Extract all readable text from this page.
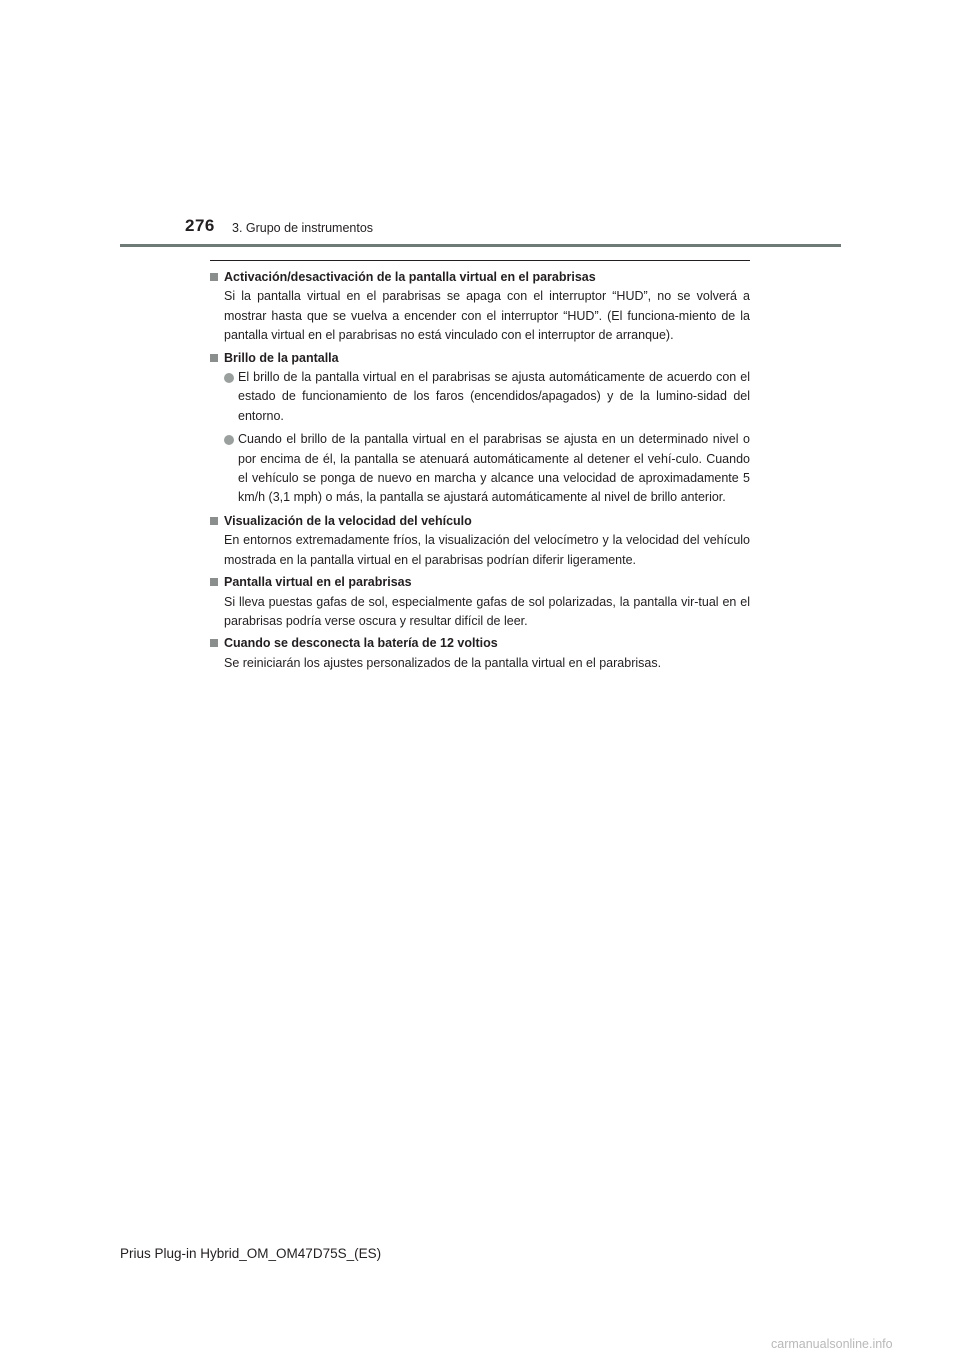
276 3. Grupo de instrumentos
Activación/desactivación de la pantalla virtual en el parabrisas

Si la pantalla virtual en el parabrisas se apaga con el interruptor “HUD”, no se volverá a mostrar hasta que se vuelva a encender con el interruptor “HUD”. (El funciona-miento de la pantalla virtual en el parabrisas no está vinculado con el interruptor de arranque).

Brillo de la pantalla
El brillo de la pantalla virtual en el parabrisas se ajusta automáticamente de acuerdo con el estado de funcionamiento de los faros (encendidos/apagados) y de la lumino-sidad del entorno.
Cuando el brillo de la pantalla virtual en el parabrisas se ajusta en un determinado nivel o por encima de él, la pantalla se atenuará automáticamente al detener el vehí-culo. Cuando el vehículo se ponga de nuevo en marcha y alcance una velocidad de aproximadamente 5 km/h (3,1 mph) o más, la pantalla se ajustará automáticamente al nivel de brillo anterior.
Visualización de la velocidad del vehículo

En entornos extremadamente fríos, la visualización del velocímetro y la velocidad del vehículo mostrada en la pantalla virtual en el parabrisas podrían diferir ligeramente.

Pantalla virtual en el parabrisas

Si lleva puestas gafas de sol, especialmente gafas de sol polarizadas, la pantalla vir-tual en el parabrisas podría verse oscura y resultar difícil de leer.

Cuando se desconecta la batería de 12 voltios

Se reiniciarán los ajustes personalizados de la pantalla virtual en el parabrisas.

Prius Plug-in Hybrid_OM_OM47D75S_(ES)
carmanualsonline.info
